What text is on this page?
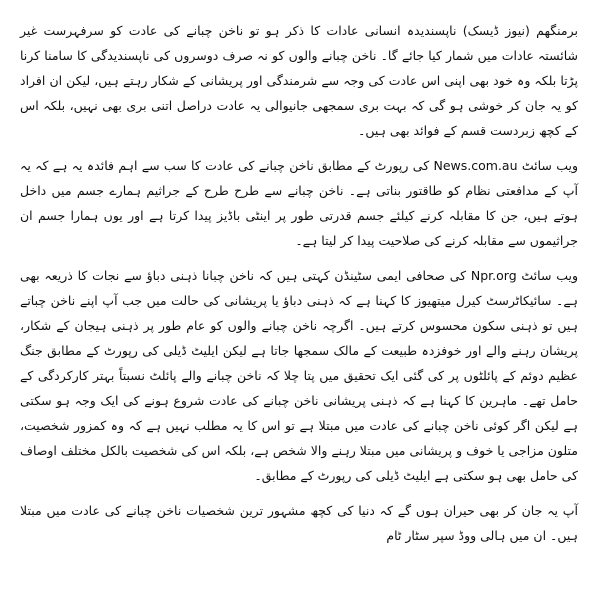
برمنگھم (نیوز ڈیسک) ناپسندیدہ انسانی عادات کا ذکر ہو تو ناخن چبانے کی عادت کو سرفہرست غیر شائستہ عادات میں شمار کیا جائے گا۔ ناخن چبانے والوں کو نہ صرف دوسروں کی ناپسندیدگی کا سامنا کرنا پڑتا بلکہ وہ خود بھی اپنی اس عادت کی وجہ سے شرمندگی اور پریشانی کے شکار رہتے ہیں، لیکن ان افراد کو یہ جان کر خوشی ہو گی کہ بہت بری سمجھی جانیوالی یہ عادت دراصل اتنی بری بھی نہیں، بلکہ اس کے کچھ زبردست قسم کے فوائد بھی ہیں۔

ویب سائٹ News.com.au کی رپورٹ کے مطابق ناخن چبانے کی عادت کا سب سے اہم فائدہ یہ ہے کہ یہ آپ کے مدافعتی نظام کو طاقتور بناتی ہے۔ ناخن چبانے سے طرح طرح کے جراثیم ہمارے جسم میں داخل ہوتے ہیں، جن کا مقابلہ کرنے کیلئے جسم قدرتی طور پر اینٹی باڈیز پیدا کرتا ہے اور یوں ہمارا جسم ان جراثیموں سے مقابلہ کرنے کی صلاحیت پیدا کر لیتا ہے۔

ویب سائٹ Npr.org کی صحافی ایمی سٹینڈن کہتی ہیں کہ ناخن چبانا ذہنی دباؤ سے نجات کا ذریعہ بھی ہے۔ سائیکاٹرسٹ کیرل میتھیوز کا کہنا ہے کہ ذہنی دباؤ یا پریشانی کی حالت میں جب آپ اپنے ناخن چباتے ہیں تو ذہنی سکون محسوس کرتے ہیں۔ اگرچہ ناخن چبانے والوں کو عام طور پر ذہنی ہیجان کے شکار، پریشان رہنے والے اور خوفزدہ طبیعت کے مالک سمجھا جاتا ہے لیکن ایلیٹ ڈیلی کی رپورٹ کے مطابق جنگ عظیم دوئم کے پائلٹوں پر کی گئی ایک تحقیق میں پتا چلا کہ ناخن چبانے والے پائلٹ نسبتاً بہتر کارکردگی کے حامل تھے۔ ماہرین کا کہنا ہے کہ ذہنی پریشانی ناخن چبانے کی عادت شروع ہونے کی ایک وجہ ہو سکتی ہے لیکن اگر کوئی ناخن چبانے کی عادت میں مبتلا ہے تو اس کا یہ مطلب نہیں ہے کہ وہ کمزور شخصیت، متلون مزاجی یا خوف و پریشانی میں مبتلا رہنے والا شخص ہے، بلکہ اس کی شخصیت بالکل مختلف اوصاف کی حامل بھی ہو سکتی ہے ایلیٹ ڈیلی کی رپورٹ کے مطابق۔

آپ یہ جان کر بھی حیران ہوں گے کہ دنیا کی کچھ مشہور ترین شخصیات ناخن چبانے کی عادت میں مبتلا ہیں۔ ان میں ہالی ووڈ سپر سٹار ٹام
